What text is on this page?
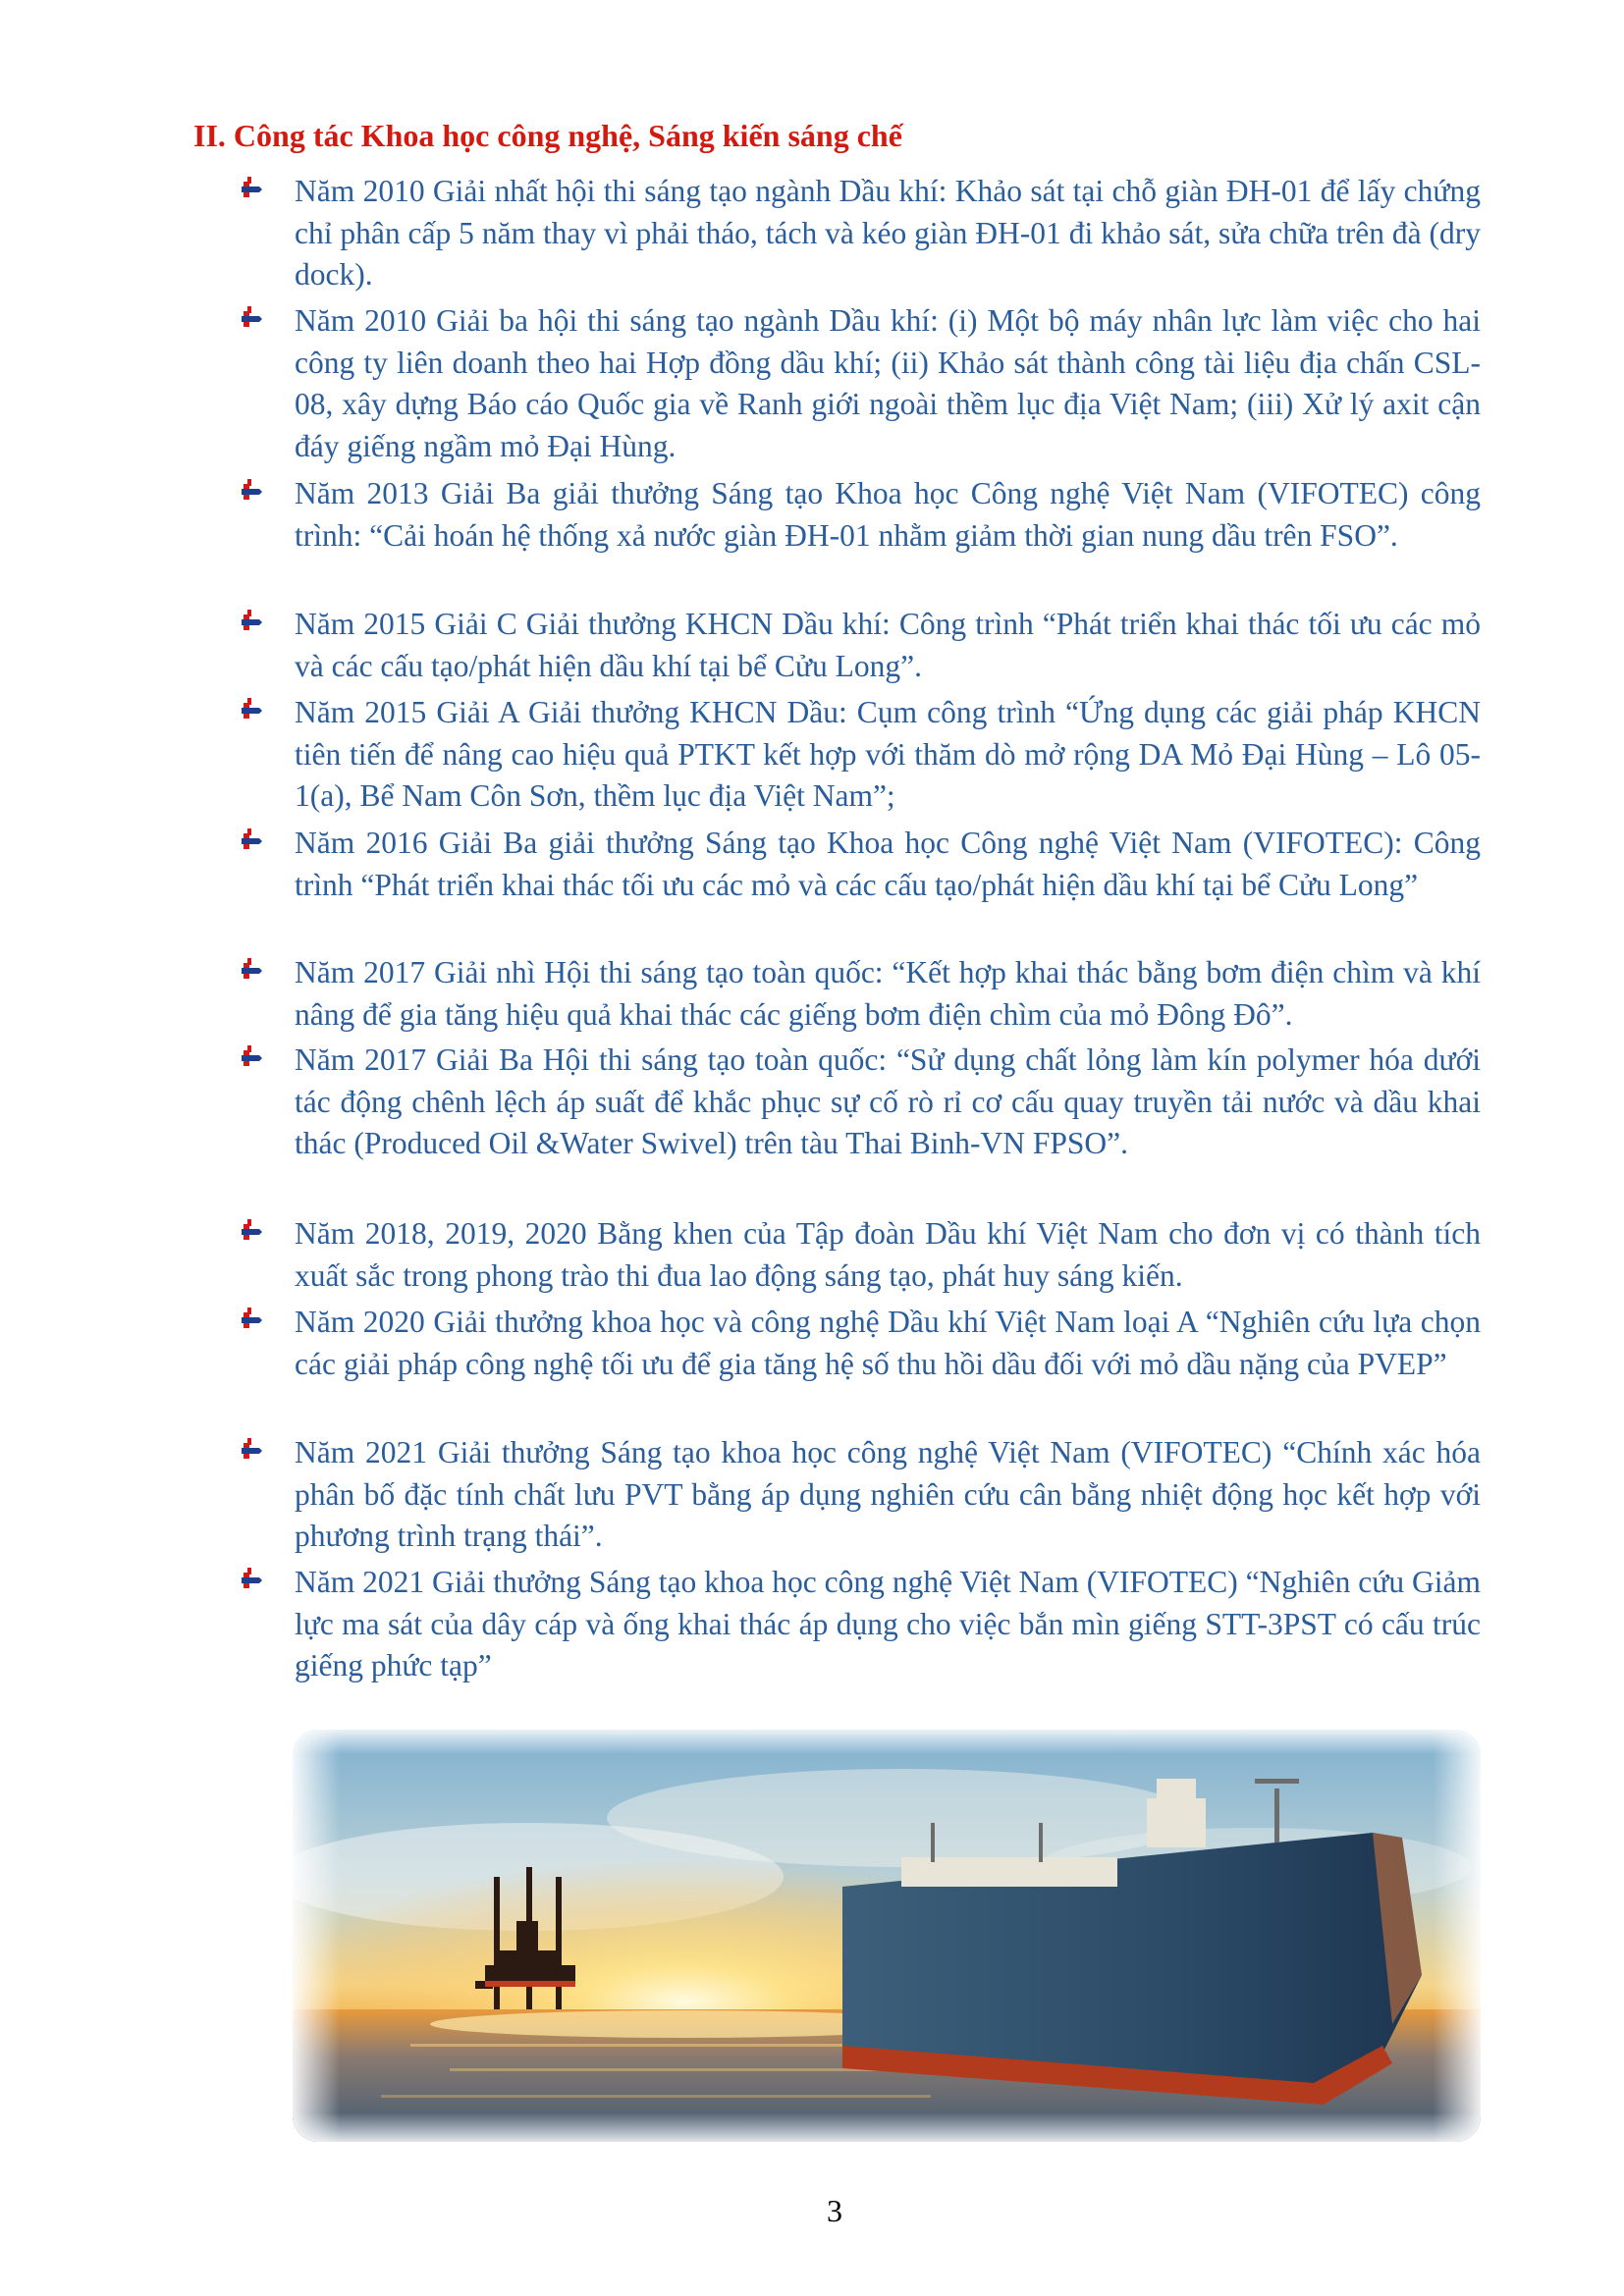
II. Công tác Khoa học công nghệ, Sáng kiến sáng chế

Năm 2010 Giải nhất hội thi sáng tạo ngành Dầu khí: Khảo sát tại chỗ giàn ĐH-01 để lấy chứng chỉ phân cấp 5 năm thay vì phải tháo, tách và kéo giàn ĐH-01 đi khảo sát, sửa chữa trên đà (dry dock).

Năm 2010 Giải ba hội thi sáng tạo ngành Dầu khí: (i) Một bộ máy nhân lực làm việc cho hai công ty liên doanh theo hai Hợp đồng dầu khí; (ii) Khảo sát thành công tài liệu địa chấn CSL-08, xây dựng Báo cáo Quốc gia về Ranh giới ngoài thềm lục địa Việt Nam; (iii) Xử lý axit cận đáy giếng ngầm mỏ Đại Hùng.

Năm 2013 Giải Ba giải thưởng Sáng tạo Khoa học Công nghệ Việt Nam (VIFOTEC) công trình: “Cải hoán hệ thống xả nước giàn ĐH-01 nhằm giảm thời gian nung dầu trên FSO”.

Năm 2015 Giải C Giải thưởng KHCN Dầu khí: Công trình “Phát triển khai thác tối ưu các mỏ và các cấu tạo/phát hiện dầu khí tại bể Cửu Long”.

Năm 2015 Giải A Giải thưởng KHCN Dầu: Cụm công trình “Ứng dụng các giải pháp KHCN tiên tiến để nâng cao hiệu quả PTKT kết hợp với thăm dò mở rộng DA Mỏ Đại Hùng – Lô 05-1(a), Bể Nam Côn Sơn, thềm lục địa Việt Nam”;

Năm 2016 Giải Ba giải thưởng Sáng tạo Khoa học Công nghệ Việt Nam (VIFOTEC): Công trình “Phát triển khai thác tối ưu các mỏ và các cấu tạo/phát hiện dầu khí tại bể Cửu Long”

Năm 2017 Giải nhì Hội thi sáng tạo toàn quốc: “Kết hợp khai thác bằng bơm điện chìm và khí nâng để gia tăng hiệu quả khai thác các giếng bơm điện chìm của mỏ Đông Đô”.

Năm 2017 Giải Ba Hội thi sáng tạo toàn quốc: “Sử dụng chất lỏng làm kín polymer hóa dưới tác động chênh lệch áp suất để khắc phục sự cố rò rỉ cơ cấu quay truyền tải nước và dầu khai thác (Produced Oil &Water Swivel) trên tàu Thai Binh-VN FPSO”.

Năm 2018, 2019, 2020 Bằng khen của Tập đoàn Dầu khí Việt Nam cho đơn vị có thành tích xuất sắc trong phong trào thi đua lao động sáng tạo, phát huy sáng kiến.

Năm 2020 Giải thưởng khoa học và công nghệ Dầu khí Việt Nam loại A “Nghiên cứu lựa chọn các giải pháp công nghệ tối ưu để gia tăng hệ số thu hồi dầu đối với mỏ dầu nặng của PVEP”

Năm 2021 Giải thưởng Sáng tạo khoa học công nghệ Việt Nam (VIFOTEC) “Chính xác hóa phân bố đặc tính chất lưu PVT bằng áp dụng nghiên cứu cân bằng nhiệt động học kết hợp với phương trình trạng thái”.

Năm 2021 Giải thưởng Sáng tạo khoa học công nghệ Việt Nam (VIFOTEC) “Nghiên cứu Giảm lực ma sát của dây cáp và ống khai thác áp dụng cho việc bắn mìn giếng STT-3PST có cấu trúc giếng phức tạp”

3
